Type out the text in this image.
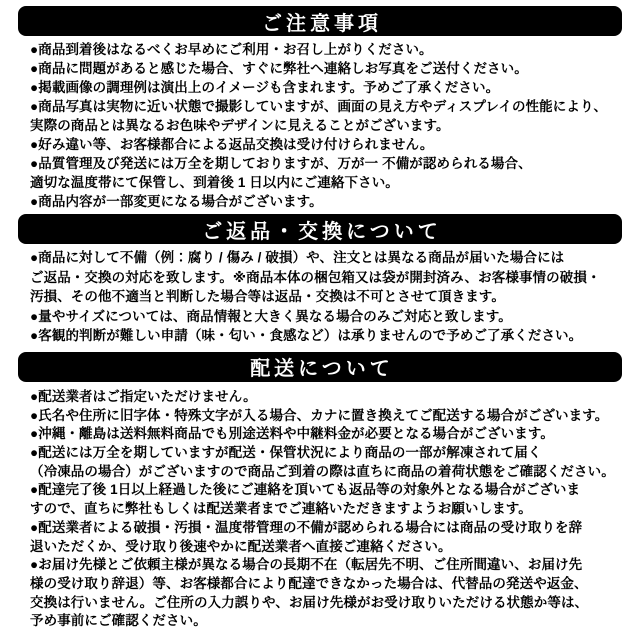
ご注意事項
●商品到着後はなるべくお早めにご利用・お召し上がりください。
●商品に問題があると感じた場合、すぐに弊社へ連絡しお写真をご送付ください。
●掲載画像の調理例は演出上のイメージも含まれます。予めご了承ください。
●商品写真は実物に近い状態で撮影していますが、画面の見え方やディスプレイの性能により、
実際の商品とは異なるお色味やデザインに見えることがございます。
●好み違い等、お客様都合による返品交換は受け付けられません。
●品質管理及び発送には万全を期しておりますが、万が一 不備が認められる場合、
適切な温度帯にて保管し、到着後 1 日以内にご連絡下さい。
●商品内容が一部変更になる場合がございます。
ご返品・交換について
●商品に対して不備（例：腐り / 傷み / 破損）や、注文とは異なる商品が届いた場合には
ご返品・交換の対応を致します。※商品本体の梱包箱又は袋が開封済み、お客様事情の破損・
汚損、その他不適当と判断した場合等は返品・交換は不可とさせて頂きます。
●量やサイズについては、商品情報と大きく異なる場合のみご対応と致します。
●客観的判断が難しい申請（味・匂い・食感など）は承りませんので予めご了承ください。
配送について
●配送業者はご指定いただけません。
●氏名や住所に旧字体・特殊文字が入る場合、カナに置き換えてご配送する場合がございます。
●沖縄・離島は送料無料商品でも別途送料や中継料金が必要となる場合がございます。
●配送には万全を期していますが配送・保管状況により商品の一部が解凍されて届く
（冷凍品の場合）がございますので商品ご到着の際は直ちに商品の着荷状態をご確認ください。
●配達完了後 1日以上経過した後にご連絡を頂いても返品等の対象外となる場合がございま
すので、直ちに弊社もしくは配送業者までご連絡いただきますようお願いします。
●配送業者による破損・汚損・温度帯管理の不備が認められる場合には商品の受け取りを辞
退いただくか、受け取り後速やかに配送業者へ直接ご連絡ください。
●お届け先様とご依頼主様が異なる場合の長期不在（転居先不明、ご住所間違い、お届け先
様の受け取り辞退）等、お客様都合により配達できなかった場合は、代替品の発送や返金、
交換は行いません。ご住所の入力誤りや、お届け先様がお受け取りいただける状態か等は、
予め事前にご確認ください。
